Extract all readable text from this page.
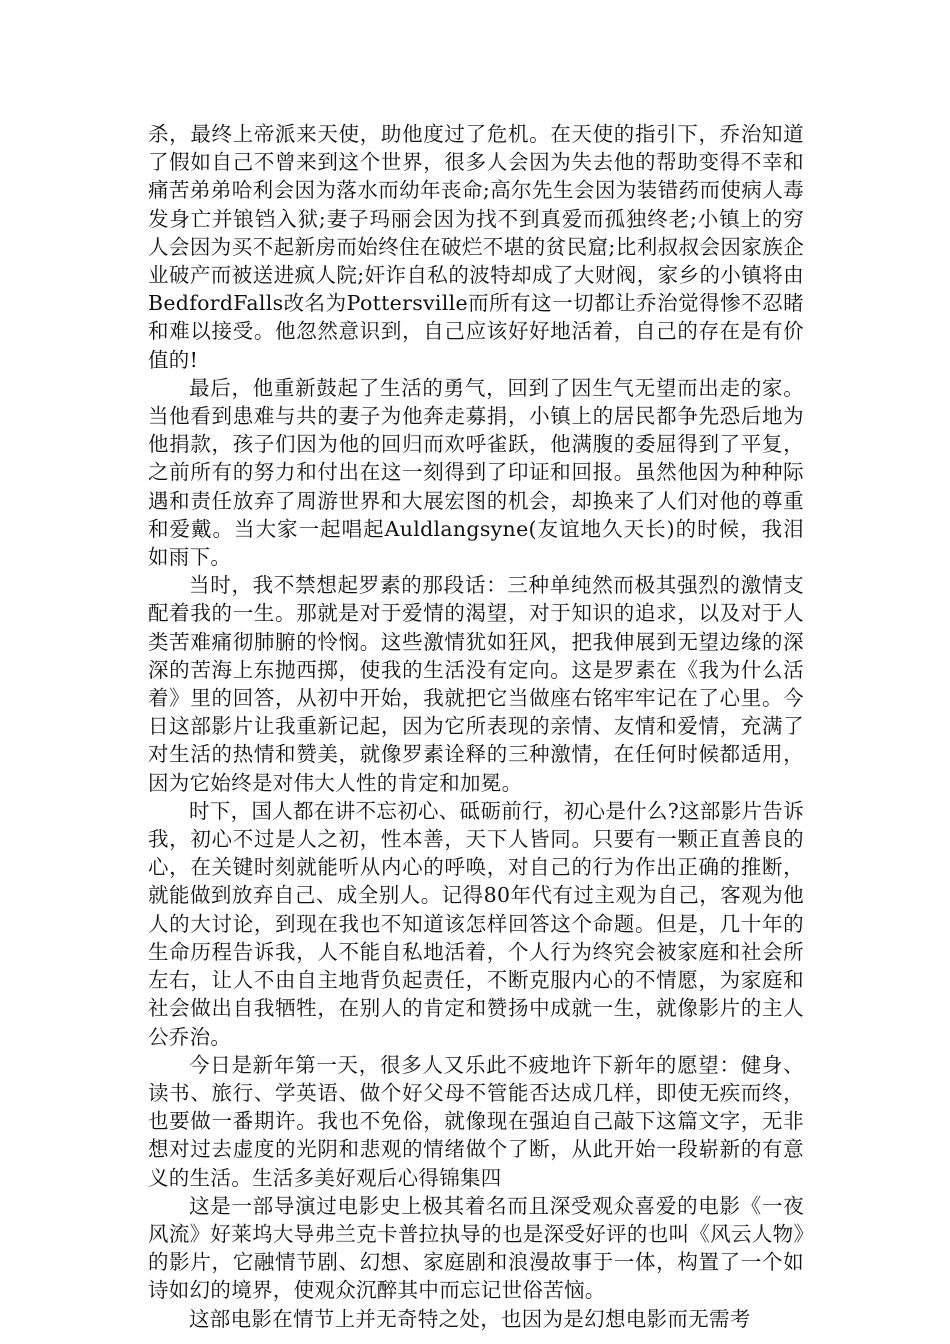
杀，最终上帝派来天使，助他度过了危机。在天使的指引下，乔治知道了假如自己不曾来到这个世界，很多人会因为失去他的帮助变得不幸和痛苦弟弟哈利会因为落水而幼年丧命;高尔先生会因为装错药而使病人毒发身亡并锒铛入狱;妻子玛丽会因为找不到真爱而孤独终老;小镇上的穷人会因为买不起新房而始终住在破烂不堪的贫民窟;比利叔叔会因家族企业破产而被送进疯人院;奸诈自私的波特却成了大财阀，家乡的小镇将由BedfordFalls改名为Pottersville而所有这一切都让乔治觉得惨不忍睹和难以接受。他忽然意识到，自己应该好好地活着，自己的存在是有价值的!

最后，他重新鼓起了生活的勇气，回到了因生气无望而出走的家。当他看到患难与共的妻子为他奔走募捐，小镇上的居民都争先恐后地为他捐款，孩子们因为他的回归而欢呼雀跃，他满腹的委屈得到了平复，之前所有的努力和付出在这一刻得到了印证和回报。虽然他因为种种际遇和责任放弃了周游世界和大展宏图的机会，却换来了人们对他的尊重和爱戴。当大家一起唱起Auldlangsyne(友谊地久天长)的时候，我泪如雨下。

当时，我不禁想起罗素的那段话：三种单纯然而极其强烈的激情支配着我的一生。那就是对于爱情的渴望，对于知识的追求，以及对于人类苦难痛彻肺腑的怜悯。这些激情犹如狂风，把我伸展到无望边缘的深深的苦海上东抛西掷，使我的生活没有定向。这是罗素在《我为什么活着》里的回答，从初中开始，我就把它当做座右铭牢牢记在了心里。今日这部影片让我重新记起，因为它所表现的亲情、友情和爱情，充满了对生活的热情和赞美，就像罗素诠释的三种激情，在任何时候都适用，因为它始终是对伟大人性的肯定和加冕。

时下，国人都在讲不忘初心、砥砺前行，初心是什么?这部影片告诉我，初心不过是人之初，性本善，天下人皆同。只要有一颗正直善良的心，在关键时刻就能听从内心的呼唤，对自己的行为作出正确的推断，就能做到放弃自己、成全别人。记得80年代有过主观为自己，客观为他人的大讨论，到现在我也不知道该怎样回答这个命题。但是，几十年的生命历程告诉我，人不能自私地活着，个人行为终究会被家庭和社会所左右，让人不由自主地背负起责任，不断克服内心的不情愿，为家庭和社会做出自我牺牲，在别人的肯定和赞扬中成就一生，就像影片的主人公乔治。

今日是新年第一天，很多人又乐此不疲地许下新年的愿望：健身、读书、旅行、学英语、做个好父母不管能否达成几样，即使无疾而终，也要做一番期许。我也不免俗，就像现在强迫自己敲下这篇文字，无非想对过去虚度的光阴和悲观的情绪做个了断，从此开始一段崭新的有意义的生活。生活多美好观后心得锦集四

这是一部导演过电影史上极其着名而且深受观众喜爱的电影《一夜风流》好莱坞大导弗兰克卡普拉执导的也是深受好评的也叫《风云人物》的影片，它融情节剧、幻想、家庭剧和浪漫故事于一体，构置了一个如诗如幻的境界，使观众沉醉其中而忘记世俗苦恼。

这部电影在情节上并无奇特之处，也因为是幻想电影而无需考
